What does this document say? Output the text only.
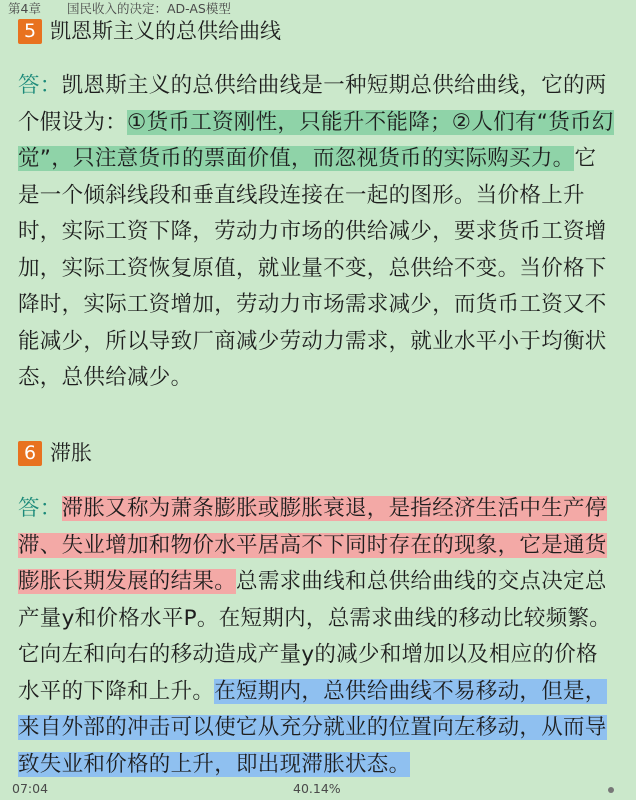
第4章 国民收入的决定：AD-AS模型
5 凯恩斯主义的总供给曲线
答：凯恩斯主义的总供给曲线是一种短期总供给曲线，它的两个假设为：①货币工资刚性，只能升不能降；②人们有“货币幻觉”，只注意货币的票面价值，而忽视货币的实际购买力。它是一个倾斜线段和垂直线段连接在一起的图形。当价格上升时，实际工资下降，劳动力市场的供给减少，要求货币工资增加，实际工资恢复原值，就业量不变，总供给不变。当价格下降时，实际工资增加，劳动力市场需求减少，而货币工资又不能减少，所以导致厂商减少劳动力需求，就业水平小于均衡状态，总供给减少。
6 滞胀
答：滞胀又称为萧条膨胀或膨胀衰退，是指经济生活中生产停滞、失业增加和物价水平居高不下同时存在的现象，它是通货膨胀长期发展的结果。总需求曲线和总供给曲线的交点决定总产量y和价格水平P。在短期内，总需求曲线的移动比较频繁。它向左和向右的移动造成产量y的减少和增加以及相应的价格水平的下降和上升。在短期内，总供给曲线不易移动，但是，来自外部的冲击可以使它从充分就业的位置向左移动，从而导致失业和价格的上升，即出现滞胀状态。
07:04	40.14%
